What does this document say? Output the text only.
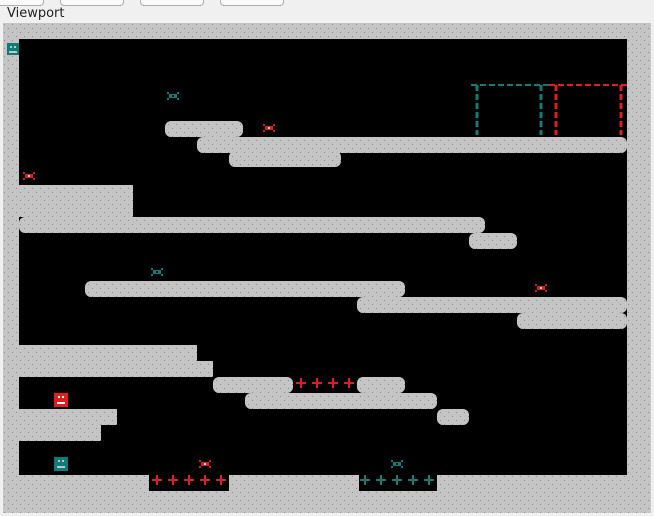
Viewport
